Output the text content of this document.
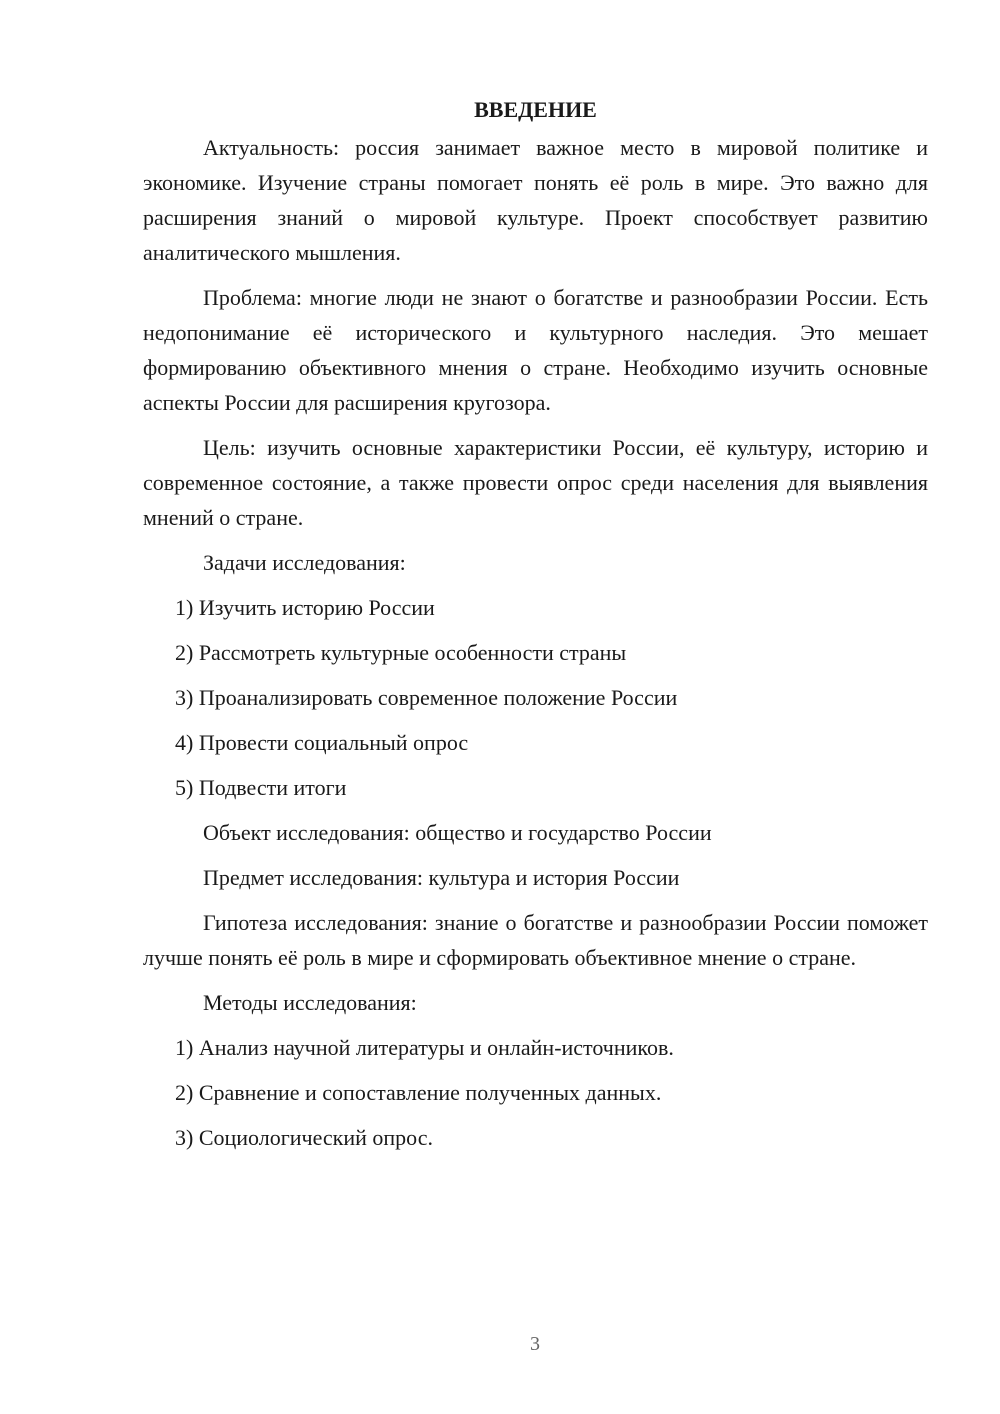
ВВЕДЕНИЕ

Актуальность: россия занимает важное место в мировой политике и экономике. Изучение страны помогает понять её роль в мире. Это важно для расширения знаний о мировой культуре. Проект способствует развитию аналитического мышления.

Проблема: многие люди не знают о богатстве и разнообразии России. Есть недопонимание её исторического и культурного наследия. Это мешает формированию объективного мнения о стране. Необходимо изучить основные аспекты России для расширения кругозора.

Цель: изучить основные характеристики России, её культуру, историю и современное состояние, а также провести опрос среди населения для выявления мнений о стране.

Задачи исследования:
1) Изучить историю России
2) Рассмотреть культурные особенности страны
3) Проанализировать современное положение России
4) Провести социальный опрос
5) Подвести итоги
Объект исследования: общество и государство России
Предмет исследования: культура и история России

Гипотеза исследования: знание о богатстве и разнообразии России поможет лучше понять её роль в мире и сформировать объективное мнение о стране.

Методы исследования:
1) Анализ научной литературы и онлайн-источников.
2) Сравнение и сопоставление полученных данных.
3) Социологический опрос.
3
